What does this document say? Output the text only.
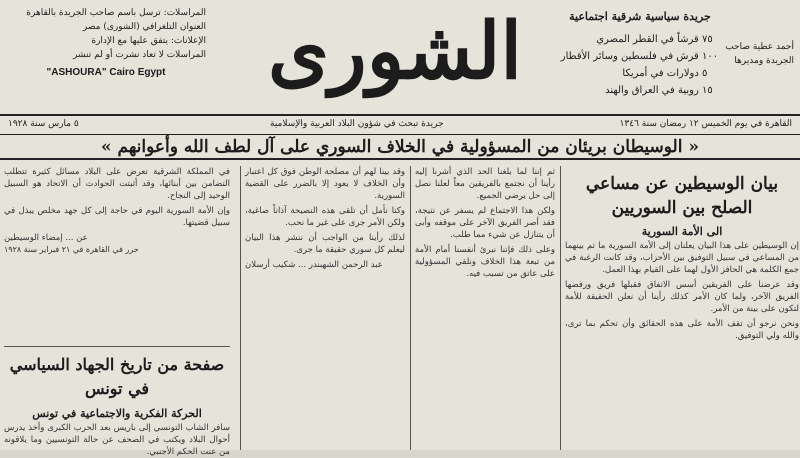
المراسلات: ترسل باسم صاحب الجريدة بالقاهرة
العنوان التلغرافي (الشورى) مصر
الإعلانات: يتفق عليها مع الإدارة
المراسلات لا تعاد نشرت أو لم تنشر
"ASHOURA" Cairo Egypt	الشورى	جريدة سياسية شرقية اجتماعية
٧٥ قرشاً في القطر المصري
١٠٠ قرش في فلسطين وسائر الأقطار
٥ دولارات في أمريكا
١٥ روبية في العراق والهند
أحمد عطية صاحب الجريدة ومديرها
٥ مارس سنة ١٩٢٨	جريدة تبحث في شؤون البلاد العربية والإسلامية	القاهرة في يوم الخميس ١٢ رمضان سنة ١٣٤٦
« الوسيطان بريئان من المسؤولية في الخلاف السوري على آل لطف الله وأعوانهم »
بيان الوسيطين عن مساعي الصلح بين السوريين
الى الأمة السورية

إن الوسيطين على هذا البيان يعلنان إلى الأمة السورية ما تم بينهما من المساعي في سبيل التوفيق بين الأحزاب، وقد كانت الرغبة في جمع الكلمة هي الحافز الأول لهما على القيام بهذا العمل.

وقد عرضنا على الفريقين أسس الاتفاق فقبلها فريق ورفضها الفريق الآخر، ولما كان الأمر كذلك رأينا أن نعلن الحقيقة للأمة لتكون على بينة من الأمر.

ونحن نرجو أن تقف الأمة على هذه الحقائق وأن تحكم بما ترى، والله ولي التوفيق.

ثم إننا لما بلغنا الحد الذي أشرنا إليه رأينا أن نجتمع بالفريقين معاً لعلنا نصل إلى حل يرضي الجميع.

ولكن هذا الاجتماع لم يسفر عن نتيجة، فقد أصر الفريق الآخر على موقفه وأبى أن يتنازل عن شيء مما طلب.

وعلى ذلك فإننا نبرئ أنفسنا أمام الأمة من تبعة هذا الخلاف ونلقي المسؤولية على عاتق من تسبب فيه.

وقد بينا لهم أن مصلحة الوطن فوق كل اعتبار وأن الخلاف لا يعود إلا بالضرر على القضية السورية.

وكنا نأمل أن تلقى هذه النصيحة آذاناً صاغية، ولكن الأمر جرى على غير ما نحب.

لذلك رأينا من الواجب أن ننشر هذا البيان ليعلم كل سوري حقيقة ما جرى.

عبد الرحمن الشهبندر ... شكيب أرسلان

في المملكة الشرقية تعرض على البلاد مسائل كثيرة تتطلب التضامن بين أبنائها، وقد أثبتت الحوادث أن الاتحاد هو السبيل الوحيد إلى النجاح.

وإن الأمة السورية اليوم في حاجة إلى كل جهد مخلص يبذل في سبيل قضيتها.

عن ... إمضاء الوسيطين
حرر في القاهرة في ٢١ فبراير سنة ١٩٢٨
صفحة من تاريخ الجهاد السياسي في تونس
الحركة الفكرية والاجتماعية في تونس
سافر الشاب التونسي إلى باريس بعد الحرب الكبرى وأخذ يدرس أحوال البلاد ويكتب في الصحف عن حالة التونسيين وما يلاقونه من عنت الحكم الأجنبي.
